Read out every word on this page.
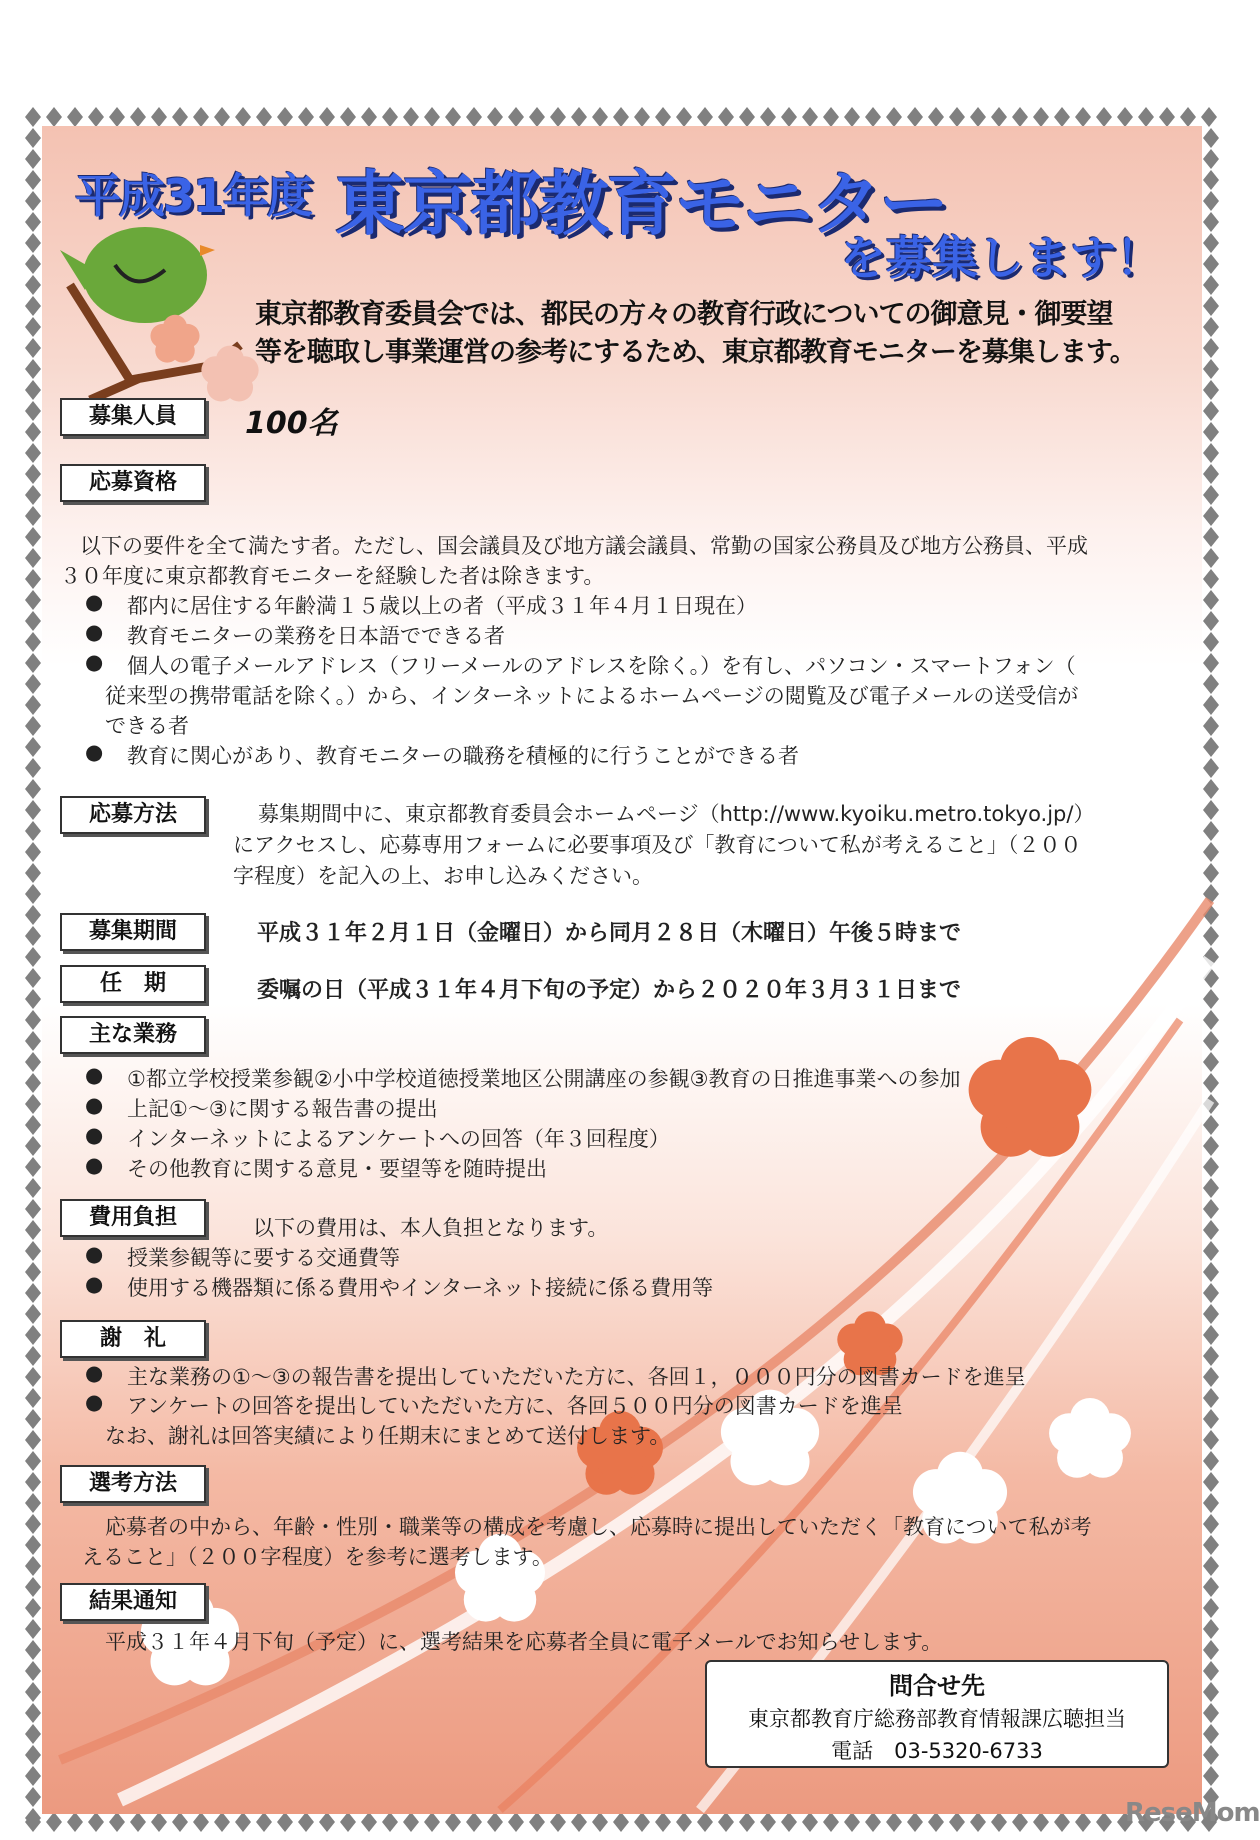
平成31年度 東京都教育モニター
を募集します！
東京都教育委員会では、都民の方々の教育行政についての御意見・御要望
等を聴取し事業運営の参考にするため、東京都教育モニターを募集します。
募集人員	100名
応募資格
以下の要件を全て満たす者。ただし、国会議員及び地方議会議員、常勤の国家公務員及び地方公務員、平成
３０年度に東京都教育モニターを経験した者は除きます。
● 都内に居住する年齢満１５歳以上の者（平成３１年４月１日現在）
● 教育モニターの業務を日本語でできる者
● 個人の電子メールアドレス（フリーメールのアドレスを除く。）を有し、パソコン・スマートフォン（
従来型の携帯電話を除く。）から、インターネットによるホームページの閲覧及び電子メールの送受信が
できる者
● 教育に関心があり、教育モニターの職務を積極的に行うことができる者
応募方法	募集期間中に、東京都教育委員会ホームページ（http://www.kyoiku.metro.tokyo.jp/）
にアクセスし、応募専用フォームに必要事項及び「教育について私が考えること」（２００
字程度）を記入の上、お申し込みください。
募集期間	平成３１年２月１日（金曜日）から同月２８日（木曜日）午後５時まで
任　期	委嘱の日（平成３１年４月下旬の予定）から２０２０年３月３１日まで
主な業務
● ①都立学校授業参観②小中学校道徳授業地区公開講座の参観③教育の日推進事業への参加
● 上記①～③に関する報告書の提出
● インターネットによるアンケートへの回答（年３回程度）
● その他教育に関する意見・要望等を随時提出
費用負担	以下の費用は、本人負担となります。
● 授業参観等に要する交通費等
● 使用する機器類に係る費用やインターネット接続に係る費用等
謝　礼
● 主な業務の①～③の報告書を提出していただいた方に、各回１，０００円分の図書カードを進呈
● アンケートの回答を提出していただいた方に、各回５００円分の図書カードを進呈
なお、謝礼は回答実績により任期末にまとめて送付します。
選考方法
応募者の中から、年齢・性別・職業等の構成を考慮し、応募時に提出していただく「教育について私が考
えること」（２００字程度）を参考に選考します。
結果通知
平成３１年４月下旬（予定）に、選考結果を応募者全員に電子メールでお知らせします。
問合せ先
東京都教育庁総務部教育情報課広聴担当
電話　03-5320-6733
ReseMom
